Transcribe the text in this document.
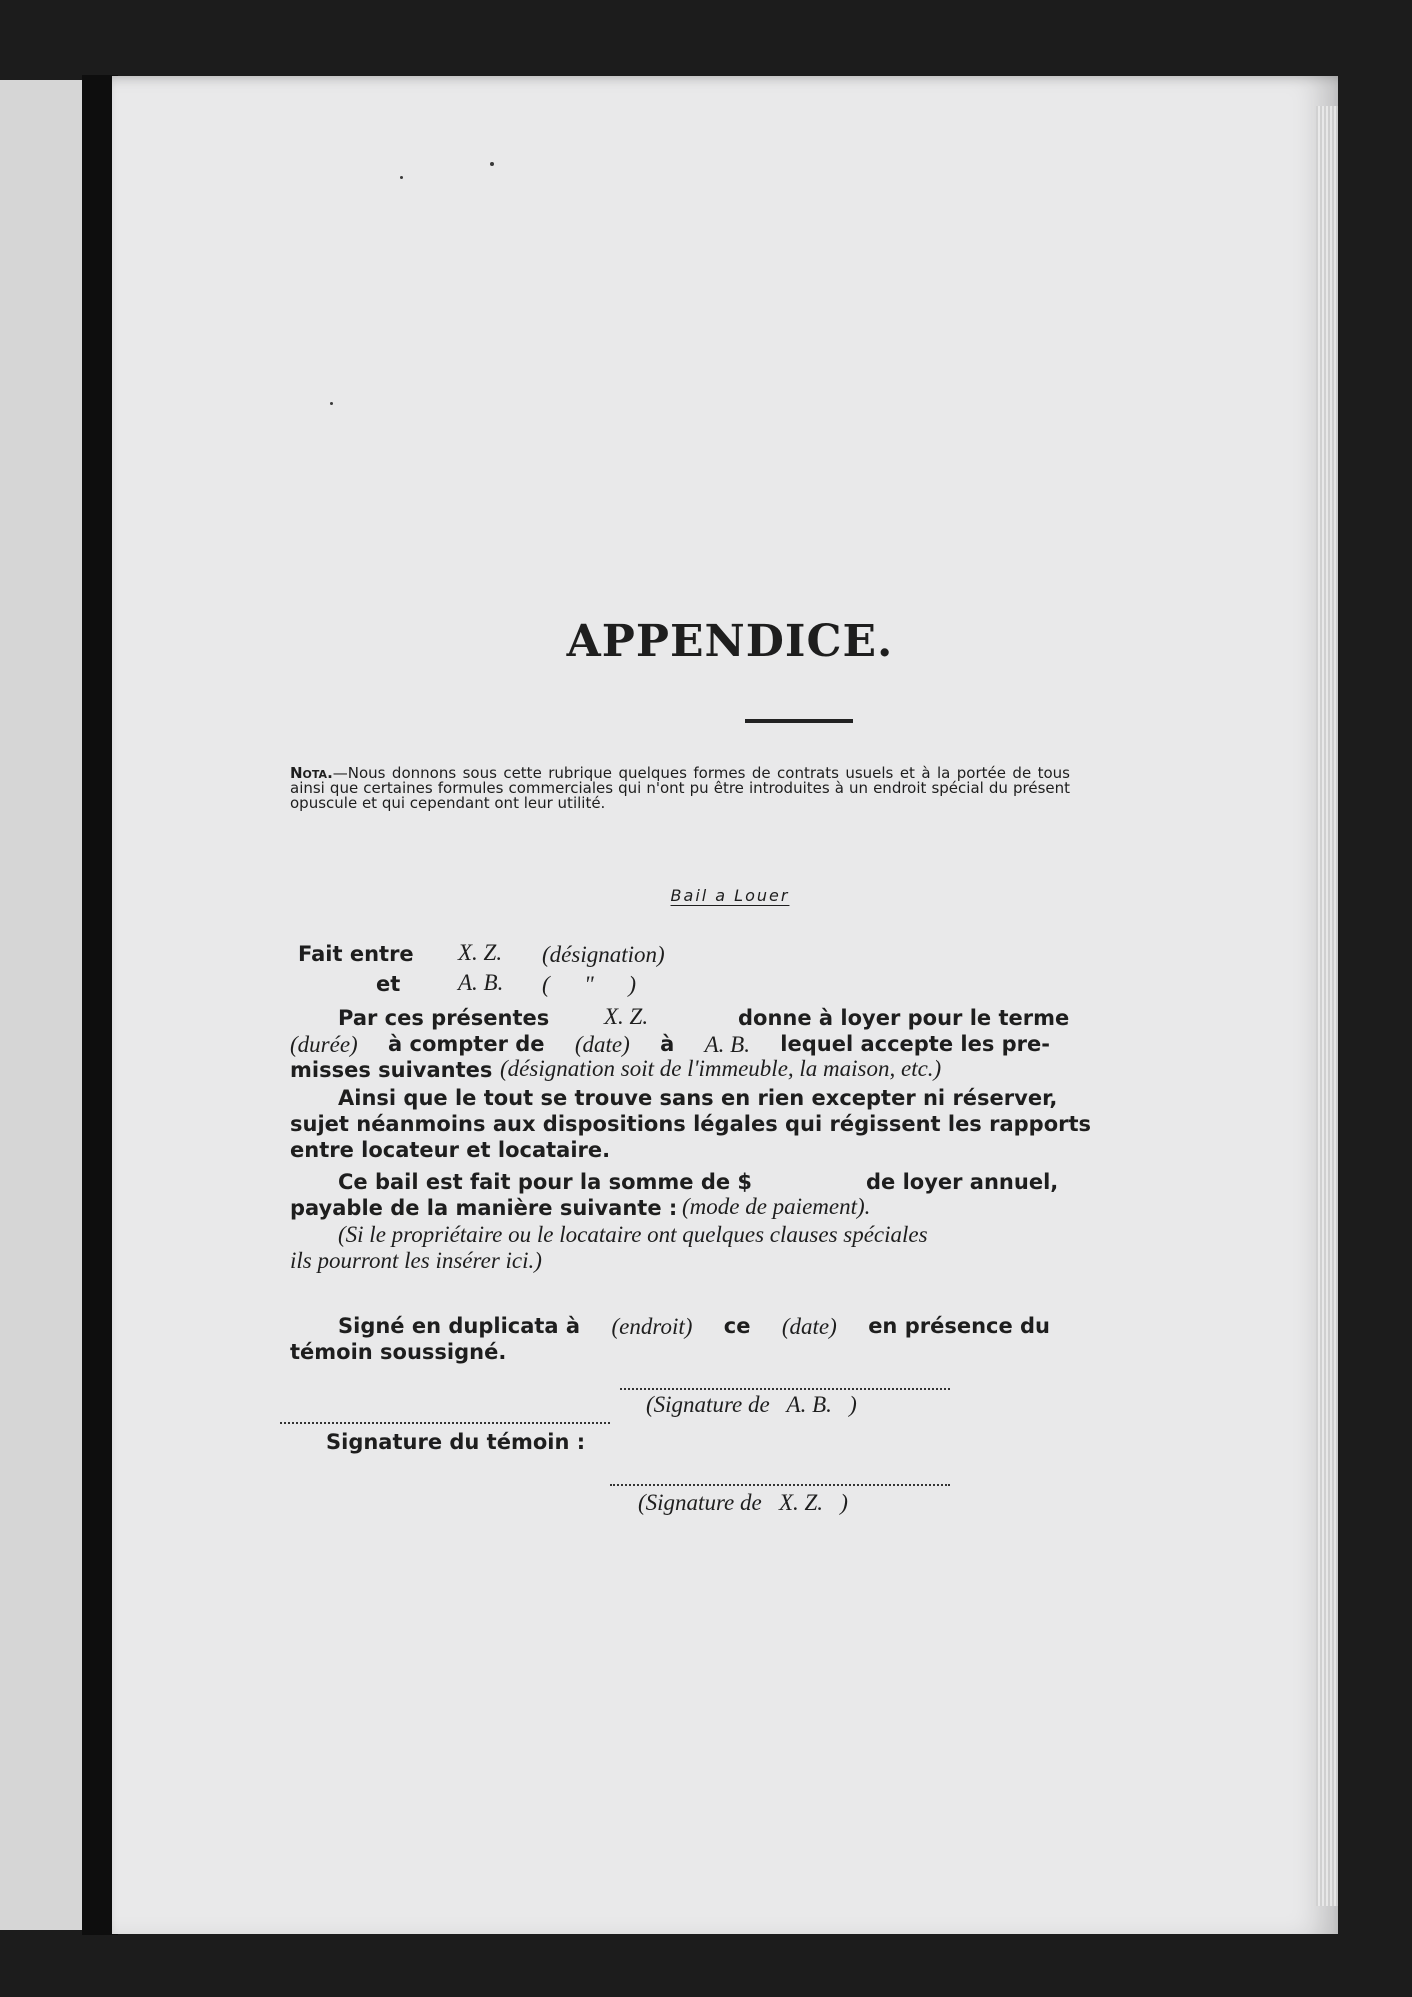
APPENDICE.
Nota.—Nous donnons sous cette rubrique quelques formes de contrats usuels et à la portée de tous ainsi que certaines formules commerciales qui n'ont pu être introduites à un endroit spécial du présent opuscule et qui cependant ont leur utilité.
Bail a Louer
Fait entre X. Z. (désignation)
et	A. B. (      "      )
Par ces présentes X. Z.	donne à loyer pour le terme
(durée) à compter de (date) à A. B. lequel accepte les pre-
misses suivantes (désignation soit de l'immeuble, la maison, etc.)
Ainsi que le tout se trouve sans en rien excepter ni réserver,
sujet néanmoins aux dispositions légales qui régissent les rapports
entre locateur et locataire.
Ce bail est fait pour la somme de $	de loyer annuel,
payable de la manière suivante : (mode de paiement).
(Si le propriétaire ou le locataire ont quelques clauses spéciales
ils pourront les insérer ici.)
Signé en duplicata à (endroit) ce (date) en présence du
témoin soussigné.
(Signature de   A. B.   )
Signature du témoin :
(Signature de   X. Z.   )
